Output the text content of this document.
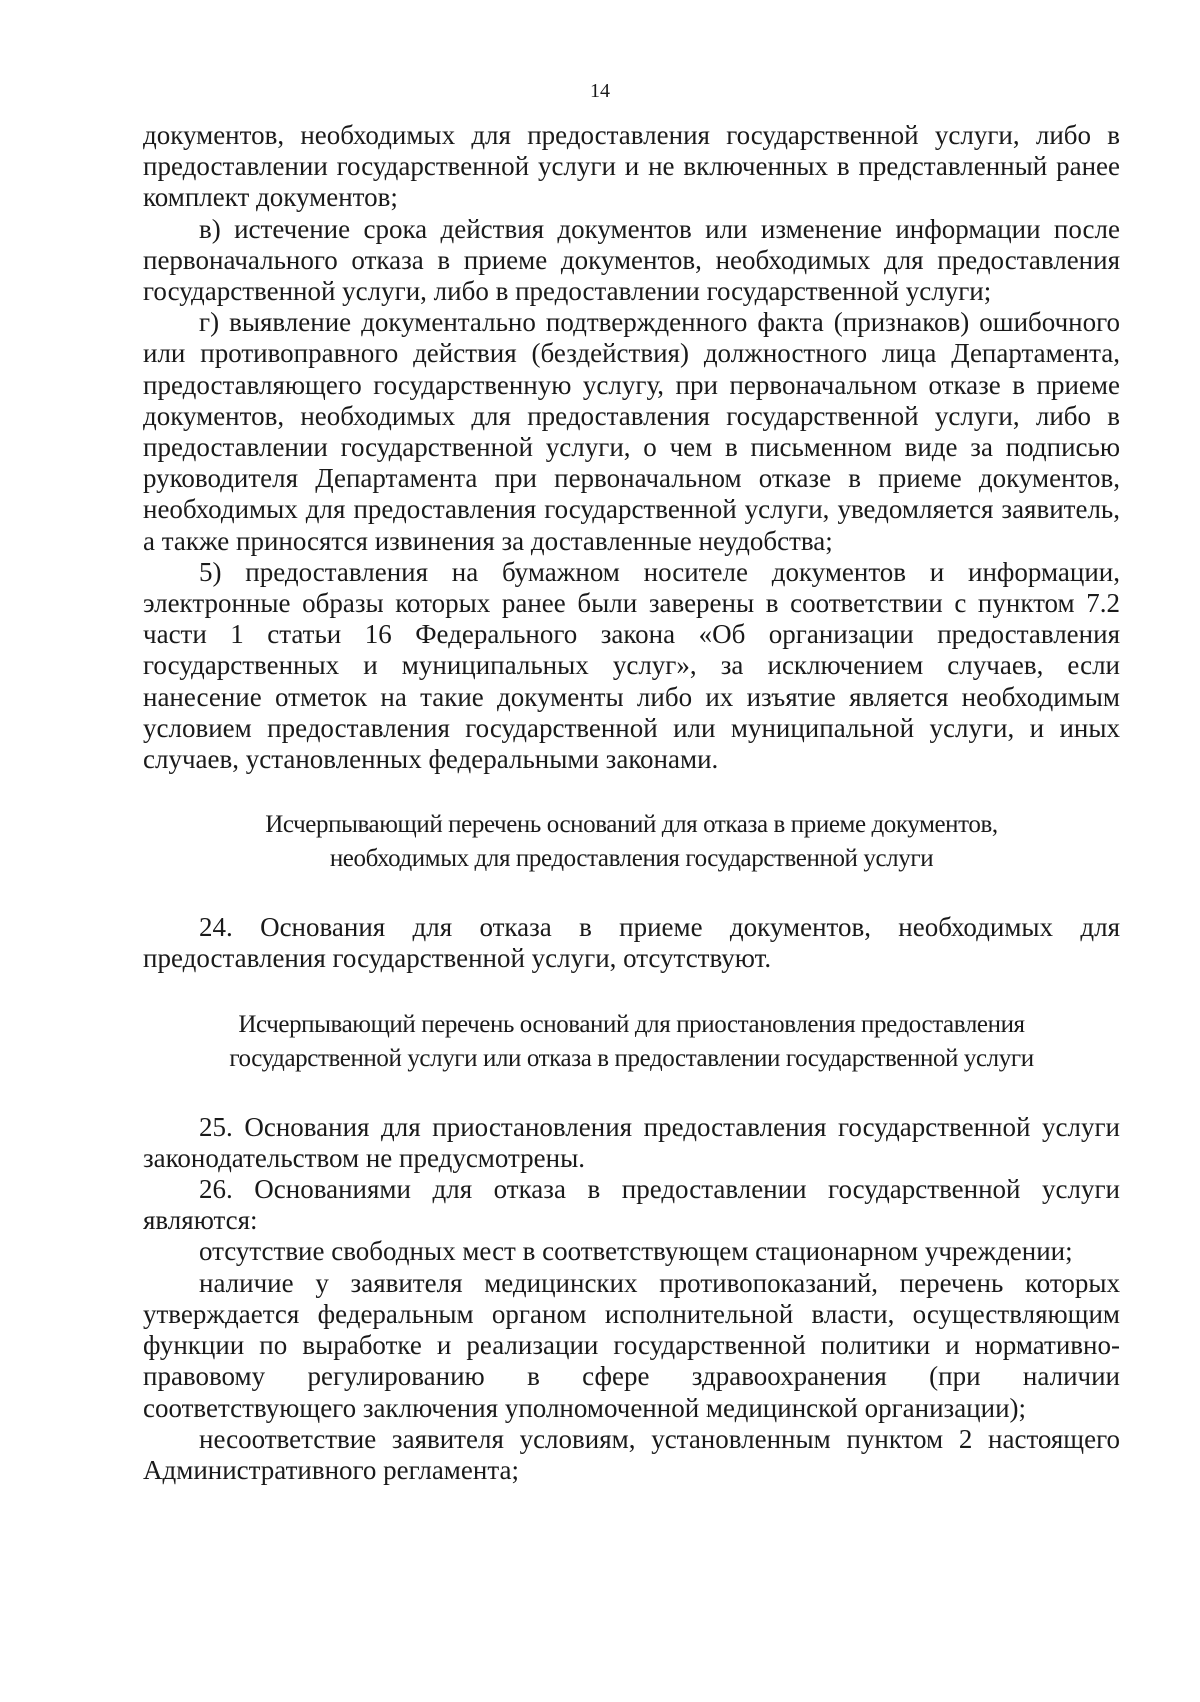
14

документов, необходимых для предоставления государственной услуги, либо в предоставлении государственной услуги и не включенных в представленный ранее комплект документов;

в) истечение срока действия документов или изменение информации после первоначального отказа в приеме документов, необходимых для предоставления государственной услуги, либо в предоставлении государственной услуги;

г) выявление документально подтвержденного факта (признаков) ошибочного или противоправного действия (бездействия) должностного лица Департамента, предоставляющего государственную услугу, при первоначальном отказе в приеме документов, необходимых для предоставления государственной услуги, либо в предоставлении государственной услуги, о чем в письменном виде за подписью руководителя Департамента при первоначальном отказе в приеме документов, необходимых для предоставления государственной услуги, уведомляется заявитель, а также приносятся извинения за доставленные неудобства;

5) предоставления на бумажном носителе документов и информации, электронные образы которых ранее были заверены в соответствии с пунктом 7.2 части 1 статьи 16 Федерального закона «Об организации предоставления государственных и муниципальных услуг», за исключением случаев, если нанесение отметок на такие документы либо их изъятие является необходимым условием предоставления государственной или муниципальной услуги, и иных случаев, установленных федеральными законами.

Исчерпывающий перечень оснований для отказа в приеме документов,
необходимых для предоставления государственной услуги

24. Основания для отказа в приеме документов, необходимых для предоставления государственной услуги, отсутствуют.

Исчерпывающий перечень оснований для приостановления предоставления
государственной услуги или отказа в предоставлении государственной услуги

25. Основания для приостановления предоставления государственной услуги законодательством не предусмотрены.

26. Основаниями для отказа в предоставлении государственной услуги являются:

отсутствие свободных мест в соответствующем стационарном учреждении;

наличие у заявителя медицинских противопоказаний, перечень которых утверждается федеральным органом исполнительной власти, осуществляющим функции по выработке и реализации государственной политики и нормативно-правовому регулированию в сфере здравоохранения (при наличии соответствующего заключения уполномоченной медицинской организации);

несоответствие заявителя условиям, установленным пунктом 2 настоящего Административного регламента;
